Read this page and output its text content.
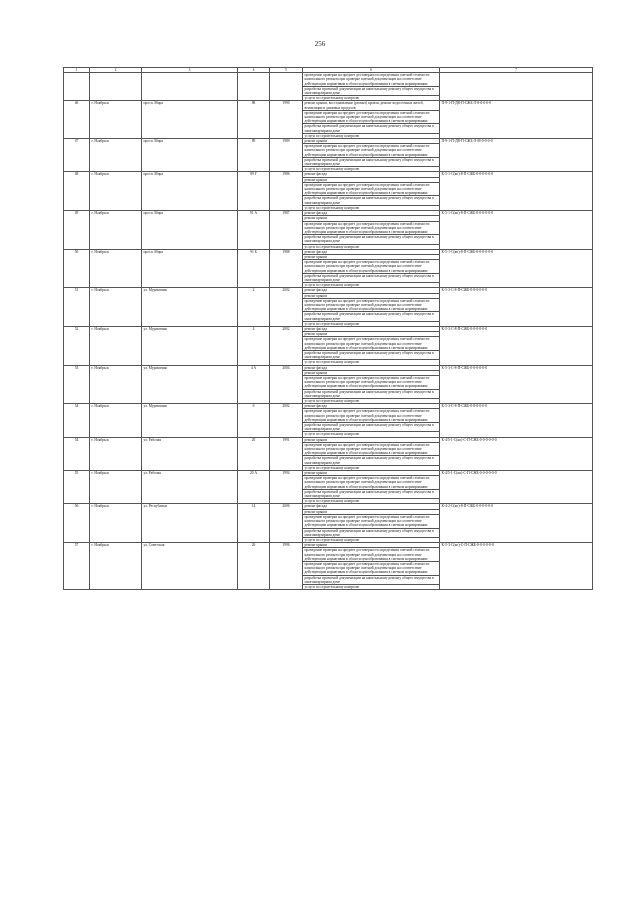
256
1	2	3	4	5	6	7
					проведение проверки на предмет достоверности определения сметной стоимости капитального ремонта при проверке сметной документации на соответствие действующим нормативам в области ценообразования в сметном нормировании	
					разработка проектной документации на капитальному ремонту общего имущества в многоквартирном доме	
					услуги по строительному контролю	
46	г. Ноябрьск	просп. Мира	88	1990	ремонт крыши, восстановление (ремонт) кровли, ремонт водосточных желоб, вентиляции и дымовых продухов	П-9-1-П-ДВ-П-СЖБ-Л-8-0-0-0-0
					проведение проверки на предмет достоверности определения сметной стоимости капитального ремонта при проверке сметной документации на соответствие действующим нормативам в области ценообразования в сметном нормировании	
					разработка проектной документации на капитальному ремонту общего имущества в многоквартирном доме	
					услуги по строительному контролю	
47	г. Ноябрьск	просп. Мира	89	1989	ремонт крыши	П-9-1-П-ДВ-П-СЖБ-Л-М-0-0-0-0
					проведение проверки на предмет достоверности определения сметной стоимости капитального ремонта при проверке сметной документации на соответствие действующим нормативам в области ценообразования в сметном нормировании	
					разработка проектной документации на капитальному ремонту общего имущества в многоквартирном доме	
					услуги по строительному контролю	
48	г. Ноябрьск	просп. Мира	89 Г	1986	ремонт фасада	К-5-1-С(кп)-8-П-СЖБ-0-0-0-0-0-0
					ремонт крыши	
					проведение проверки на предмет достоверности определения сметной стоимости капитального ремонта при проверке сметной документации на соответствие действующим нормативам в области ценообразования в сметном нормировании	
					разработка проектной документации на капитальному ремонту общего имущества в многоквартирном доме	
					услуги по строительному контролю	
49	г. Ноябрьск	просп. Мира	91 А	1987	ремонт фасада	К-5-1-С(кп)-8-П-СЖБ-0-0-0-0-0-0
					ремонт крыши	
					проведение проверки на предмет достоверности определения сметной стоимости капитального ремонта при проверке сметной документации на соответствие действующим нормативам в области ценообразования в сметном нормировании	
					разработка проектной документации на капитальному ремонту общего имущества в многоквартирном доме	
					услуги по строительному контролю	
50	г. Ноябрьск	просп. Мира	91 Б	1988	ремонт фасада	К-5-1-С(кп)-8-П-СЖБ-0-0-0-0-0-0
					ремонт крыши	
					проведение проверки на предмет достоверности определения сметной стоимости капитального ремонта при проверке сметной документации на соответствие действующим нормативам в области ценообразования в сметном нормировании	
					разработка проектной документации на капитальному ремонту общего имущества в многоквартирном доме	
					услуги по строительному контролю	
51	г. Ноябрьск	ул. Муравленко	2	2002	ремонт фасада	К-5-3-С-8-П-СЖБ-0-0-0-0-0-0
					ремонт крыши	
					проведение проверки на предмет достоверности определения сметной стоимости капитального ремонта при проверке сметной документации на соответствие действующим нормативам в области ценообразования в сметном нормировании	
					разработка проектной документации на капитальному ремонту общего имущества в многоквартирном доме	
					услуги по строительному контролю	
52	г. Ноябрьск	ул. Муравленко	4	2002	ремонт фасада	К-5-3-С-8-П-СЖБ-0-0-0-0-0-0
					ремонт крыши	
					проведение проверки на предмет достоверности определения сметной стоимости капитального ремонта при проверке сметной документации на соответствие действующим нормативам в области ценообразования в сметном нормировании	
					разработка проектной документации на капитальному ремонту общего имущества в многоквартирном доме	
					услуги по строительному контролю	
53	г. Ноябрьск	ул. Муравленко	4 А	2004	ремонт фасада	К-5-3-С-8-П-СЖБ-0-0-0-0-0-0
					ремонт крыши	
					проведение проверки на предмет достоверности определения сметной стоимости капитального ремонта при проверке сметной документации на соответствие действующим нормативам в области ценообразования в сметном нормировании	
					разработка проектной документации на капитальному ремонту общего имущества в многоквартирном доме	
					услуги по строительному контролю	
54	г. Ноябрьск	ул. Муравленко	6	2002	ремонт фасада	К-5-3-С-8-П-СЖБ-0-0-0-0-0-0
					проведение проверки на предмет достоверности определения сметной стоимости капитального ремонта при проверке сметной документации на соответствие действующим нормативам в области ценообразования в сметном нормировании	
					разработка проектной документации на капитальному ремонту общего имущества в многоквартирном доме	
					услуги по строительному контролю	
54	г. Ноябрьск	ул. Рабочая	20	1991	ремонт крыши	К-4/5-1-С(кп)-С-П-СЖБ-0-0-0-0-0-0
					проведение проверки на предмет достоверности определения сметной стоимости капитального ремонта при проверке сметной документации на соответствие действующим нормативам в области ценообразования в сметном нормировании	
					разработка проектной документации на капитальному ремонту общего имущества в многоквартирном доме	
					услуги по строительному контролю	
55	г. Ноябрьск	ул. Рабочая	20 А	1994	ремонт крыши	К-4/5-1-С(кп)-С-П-СЖБ-0-0-0-0-0-0
					проведение проверки на предмет достоверности определения сметной стоимости капитального ремонта при проверке сметной документации на соответствие действующим нормативам в области ценообразования в сметном нормировании	
					разработка проектной документации на капитальному ремонту общего имущества в многоквартирном доме	
					услуги по строительному контролю	
56	г. Ноябрьск	ул. Республики	14	2006	ремонт фасада	К-4-2-С(кп)-8-П-СЖБ-0-0-0-0-0-0
					ремонт крыши	
					проведение проверки на предмет достоверности определения сметной стоимости капитального ремонта при проверке сметной документации на соответствие действующим нормативам в области ценообразования в сметном нормировании	
					разработка проектной документации на капитальному ремонту общего имущества в многоквартирном доме	
					услуги по строительному контролю	
57	г. Ноябрьск	ул. Советская	26	1996	ремонт крыши	К-5-3-С(кп)-С-П-СЖБ-0-0-0-0-0-0
					проведение проверки на предмет достоверности определения сметной стоимости капитального ремонта при проверке сметной документации на соответствие действующим нормативам в области ценообразования в сметном нормировании	
					проведение проверки на предмет достоверности определения сметной стоимости капитального ремонта при проверке сметной документации на соответствие действующим нормативам в области ценообразования в сметном нормировании	
					разработка проектной документации на капитальному ремонту общего имущества в многоквартирном доме	
					услуги по строительному контролю	
